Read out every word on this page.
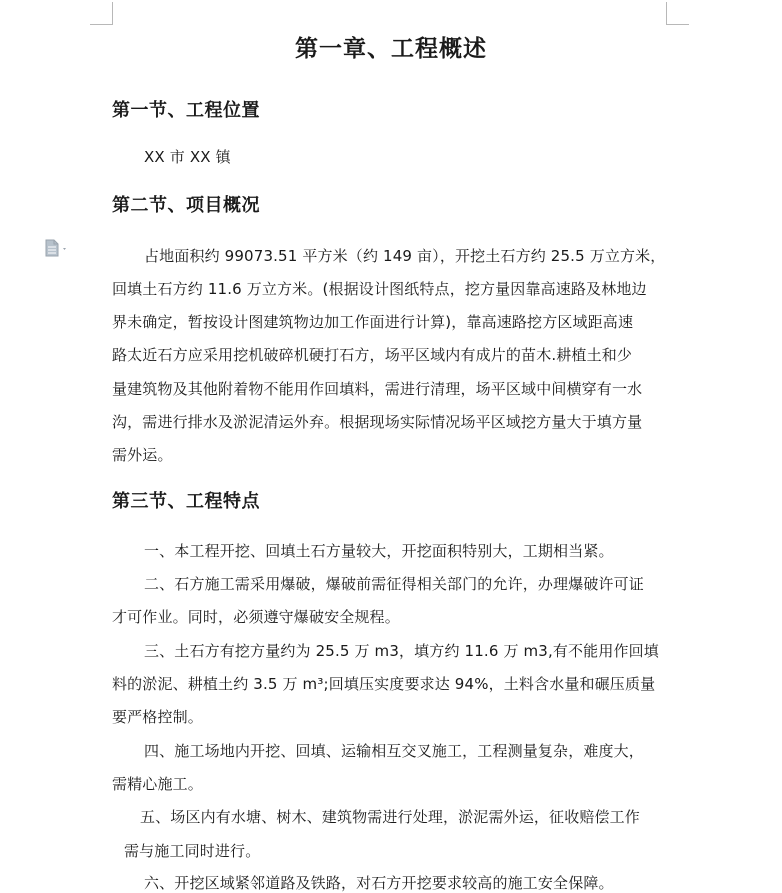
第一章、工程概述
第一节、工程位置
XX 市 XX 镇
第二节、项目概况
占地面积约 99073.51 平方米（约 149 亩），开挖土石方约 25.5 万立方米，
回填土石方约 11.6 万立方米。(根据设计图纸特点，挖方量因靠高速路及林地边
界未确定，暂按设计图建筑物边加工作面进行计算)，靠高速路挖方区域距高速
路太近石方应采用挖机破碎机硬打石方，场平区域内有成片的苗木.耕植土和少
量建筑物及其他附着物不能用作回填料，需进行清理，场平区域中间横穿有一水
沟，需进行排水及淤泥清运外弃。根据现场实际情况场平区域挖方量大于填方量
需外运。
第三节、工程特点
一、本工程开挖、回填土石方量较大，开挖面积特别大，工期相当紧。
二、石方施工需采用爆破，爆破前需征得相关部门的允许，办理爆破许可证
才可作业。同时，必须遵守爆破安全规程。
三、土石方有挖方量约为 25.5 万 m3，填方约 11.6 万 m3,有不能用作回填
料的淤泥、耕植土约 3.5 万 m³;回填压实度要求达 94%，土料含水量和碾压质量
要严格控制。
四、施工场地内开挖、回填、运输相互交叉施工，工程测量复杂，难度大，
需精心施工。
五、场区内有水塘、树木、建筑物需进行处理，淤泥需外运，征收赔偿工作
需与施工同时进行。
六、开挖区域紧邻道路及铁路，对石方开挖要求较高的施工安全保障。
